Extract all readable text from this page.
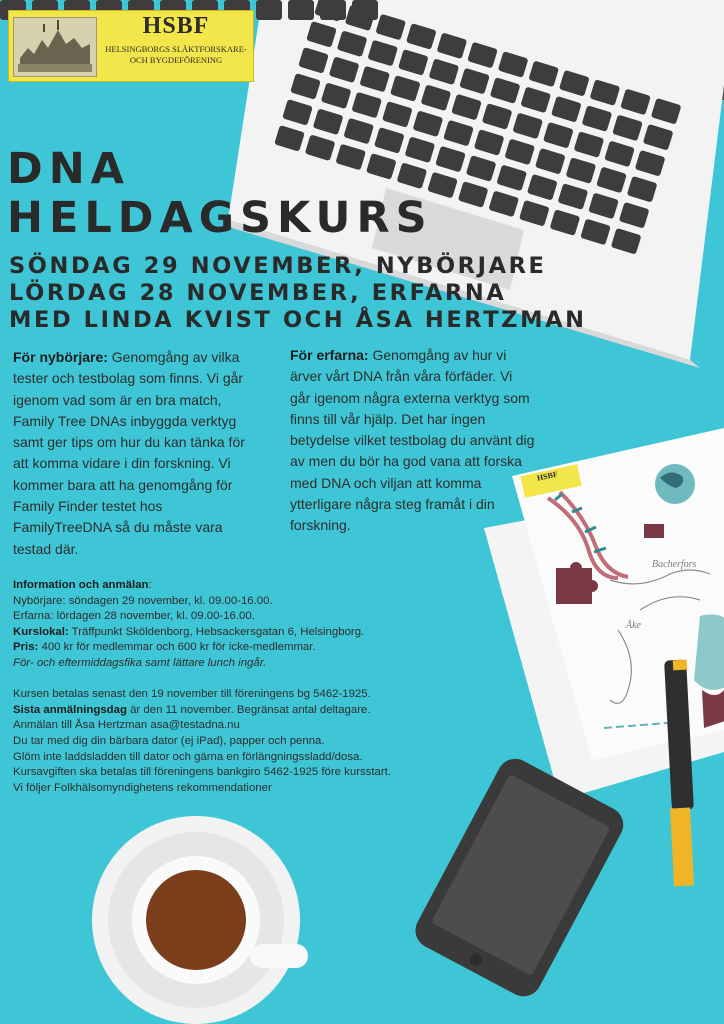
HSBF
Bacherfors
Åke
HSBF
HELSINGBORGS SLÄKTFORSKARE-
OCH BYGDEFÖRENING
DNA
HELDAGSKURS
SÖNDAG 29 NOVEMBER, NYBÖRJARE
LÖRDAG 28 NOVEMBER, ERFARNA
MED LINDA KVIST OCH ÅSA HERTZMAN
För nybörjare: Genomgång av vilka tester och testbolag som finns. Vi går igenom vad som är en bra match, Family Tree DNAs inbyggda verktyg samt ger tips om hur du kan tänka för att komma vidare i din forskning. Vi kommer bara att ha genomgång för Family Finder testet hos FamilyTreeDNA så du måste vara testad där.
För erfarna: Genomgång av hur vi ärver vårt DNA från våra förfäder. Vi går igenom några externa verktyg som finns till vår hjälp. Det har ingen betydelse vilket testbolag du använt dig av men du bör ha god vana att forska med DNA och viljan att komma ytterligare några steg framåt i din forskning.
Information och anmälan:
Nybörjare: söndagen 29 november, kl. 09.00-16.00.
Erfarna: lördagen 28 november, kl. 09.00-16.00.
Kurslokal: Träffpunkt Sköldenborg, Hebsackersgatan 6, Helsingborg.
Pris: 400 kr för medlemmar och 600 kr för icke-medlemmar.
För- och eftermiddagsfika samt lättare lunch ingår.
Kursen betalas senast den 19 november till föreningens bg 5462-1925.
Sista anmälningsdag är den 11 november. Begränsat antal deltagare.
Anmälan till Åsa Hertzman asa@testadna.nu
Du tar med dig din bärbara dator (ej iPad), papper och penna.
Glöm inte laddsladden till dator och gärna en förlängningssladd/dosa.
Kursavgiften ska betalas till föreningens bankgiro 5462-1925 före kursstart.
Vi följer Folkhälsomyndighetens rekommendationer
